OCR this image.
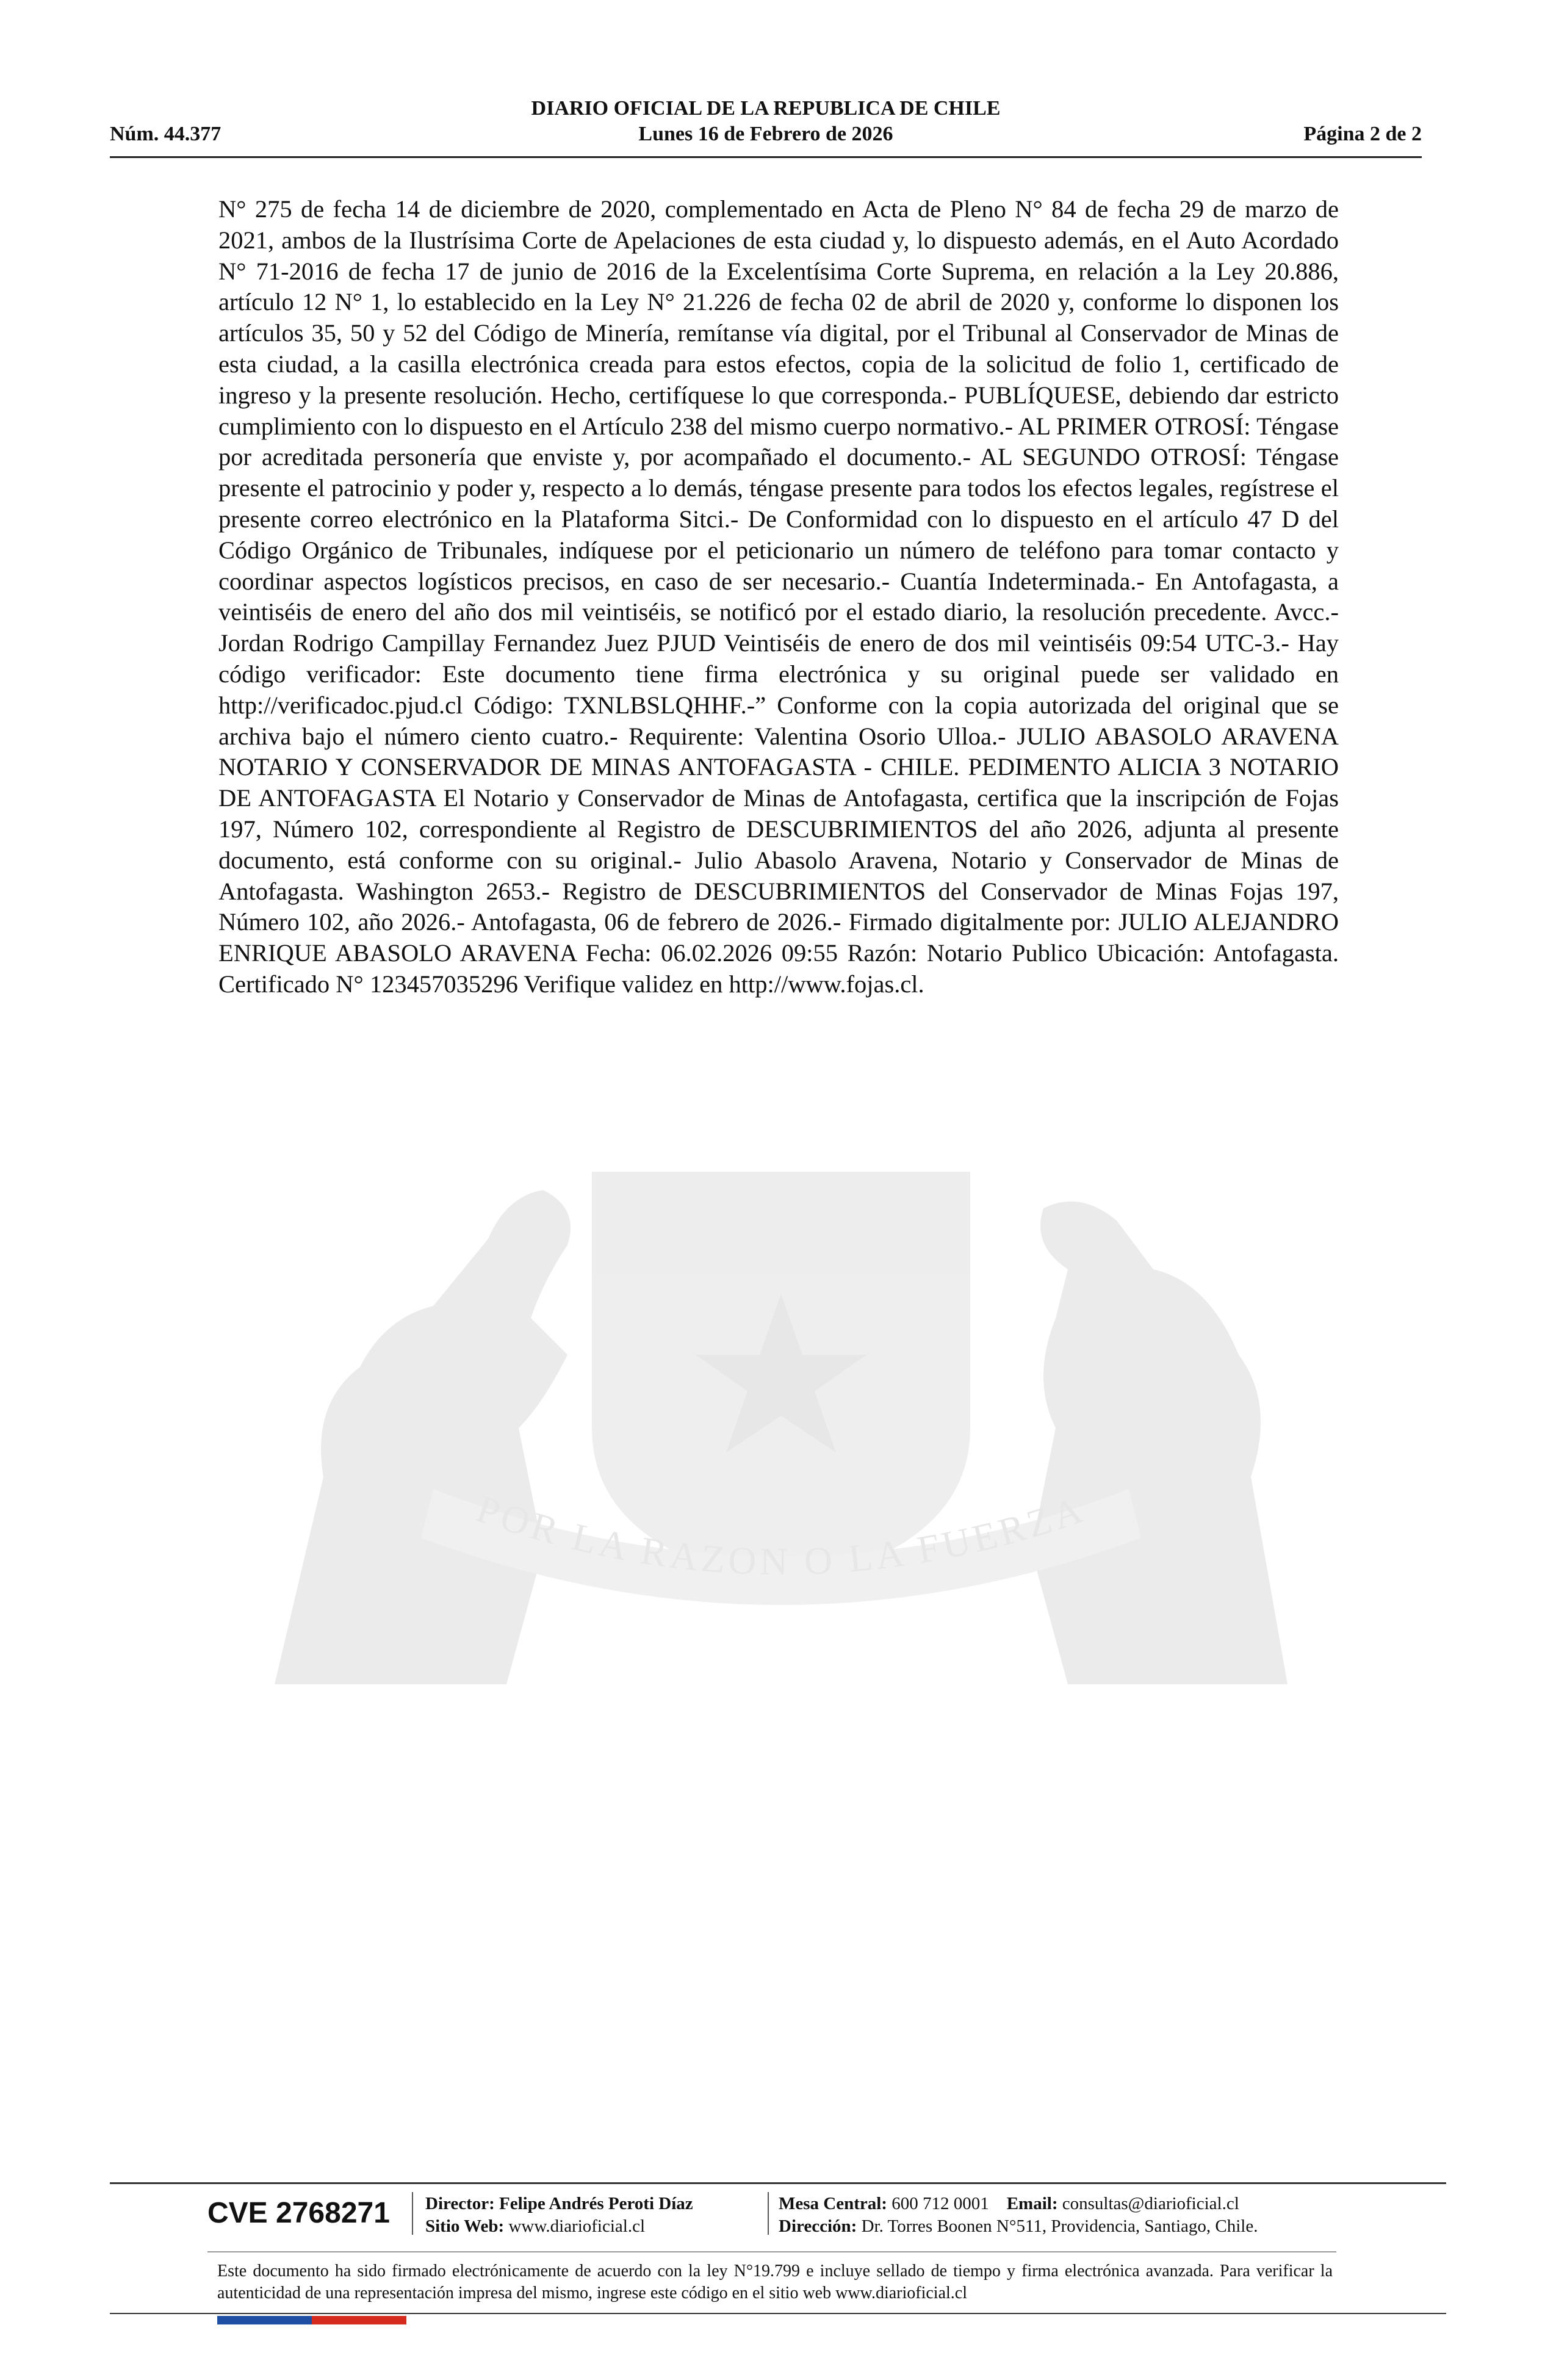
DIARIO OFICIAL DE LA REPUBLICA DE CHILE
Núm. 44.377	Lunes 16 de Febrero de 2026	Página 2 de 2
POR LA RAZON O LA FUERZA
N° 275 de fecha 14 de diciembre de 2020, complementado en Acta de Pleno N° 84 de fecha 29 de marzo de 2021, ambos de la Ilustrísima Corte de Apelaciones de esta ciudad y, lo dispuesto además, en el Auto Acordado N° 71-2016 de fecha 17 de junio de 2016 de la Excelentísima Corte Suprema, en relación a la Ley 20.886, artículo 12 N° 1, lo establecido en la Ley N° 21.226 de fecha 02 de abril de 2020 y, conforme lo disponen los artículos 35, 50 y 52 del Código de Minería, remítanse vía digital, por el Tribunal al Conservador de Minas de esta ciudad, a la casilla electrónica creada para estos efectos, copia de la solicitud de folio 1, certificado de ingreso y la presente resolución. Hecho, certifíquese lo que corresponda.- PUBLÍQUESE, debiendo dar estricto cumplimiento con lo dispuesto en el Artículo 238 del mismo cuerpo normativo.- AL PRIMER OTROSÍ: Téngase por acreditada personería que enviste y, por acompañado el documento.- AL SEGUNDO OTROSÍ: Téngase presente el patrocinio y poder y, respecto a lo demás, téngase presente para todos los efectos legales, regístrese el presente correo electrónico en la Plataforma Sitci.- De Conformidad con lo dispuesto en el artículo 47 D del Código Orgánico de Tribunales, indíquese por el peticionario un número de teléfono para tomar contacto y coordinar aspectos logísticos precisos, en caso de ser necesario.- Cuantía Indeterminada.- En Antofagasta, a veintiséis de enero del año dos mil veintiséis, se notificó por el estado diario, la resolución precedente. Avcc.- Jordan Rodrigo Campillay Fernandez Juez PJUD Veintiséis de enero de dos mil veintiséis 09:54 UTC-3.- Hay código verificador: Este documento tiene firma electrónica y su original puede ser validado en http://verificadoc.pjud.cl Código: TXNLBSLQHHF.-” Conforme con la copia autorizada del original que se archiva bajo el número ciento cuatro.- Requirente: Valentina Osorio Ulloa.- JULIO ABASOLO ARAVENA NOTARIO Y CONSERVADOR DE MINAS ANTOFAGASTA - CHILE. PEDIMENTO ALICIA 3 NOTARIO DE ANTOFAGASTA El Notario y Conservador de Minas de Antofagasta, certifica que la inscripción de Fojas 197, Número 102, correspondiente al Registro de DESCUBRIMIENTOS del año 2026, adjunta al presente documento, está conforme con su original.- Julio Abasolo Aravena, Notario y Conservador de Minas de Antofagasta. Washington 2653.- Registro de DESCUBRIMIENTOS del Conservador de Minas Fojas 197, Número 102, año 2026.- Antofagasta, 06 de febrero de 2026.- Firmado digitalmente por: JULIO ALEJANDRO ENRIQUE ABASOLO ARAVENA Fecha: 06.02.2026 09:55 Razón: Notario Publico Ubicación: Antofagasta. Certificado N° 123457035296 Verifique validez en http://www.fojas.cl.
CVE 2768271	Director: Felipe Andrés Peroti Díaz
Sitio Web: www.diarioficial.cl
Mesa Central: 600 712 0001 Email: consultas@diarioficial.cl
Dirección: Dr. Torres Boonen N°511, Providencia, Santiago, Chile.
Este documento ha sido firmado electrónicamente de acuerdo con la ley N°19.799 e incluye sellado de tiempo y firma electrónica avanzada. Para verificar la autenticidad de una representación impresa del mismo, ingrese este código en el sitio web www.diarioficial.cl
